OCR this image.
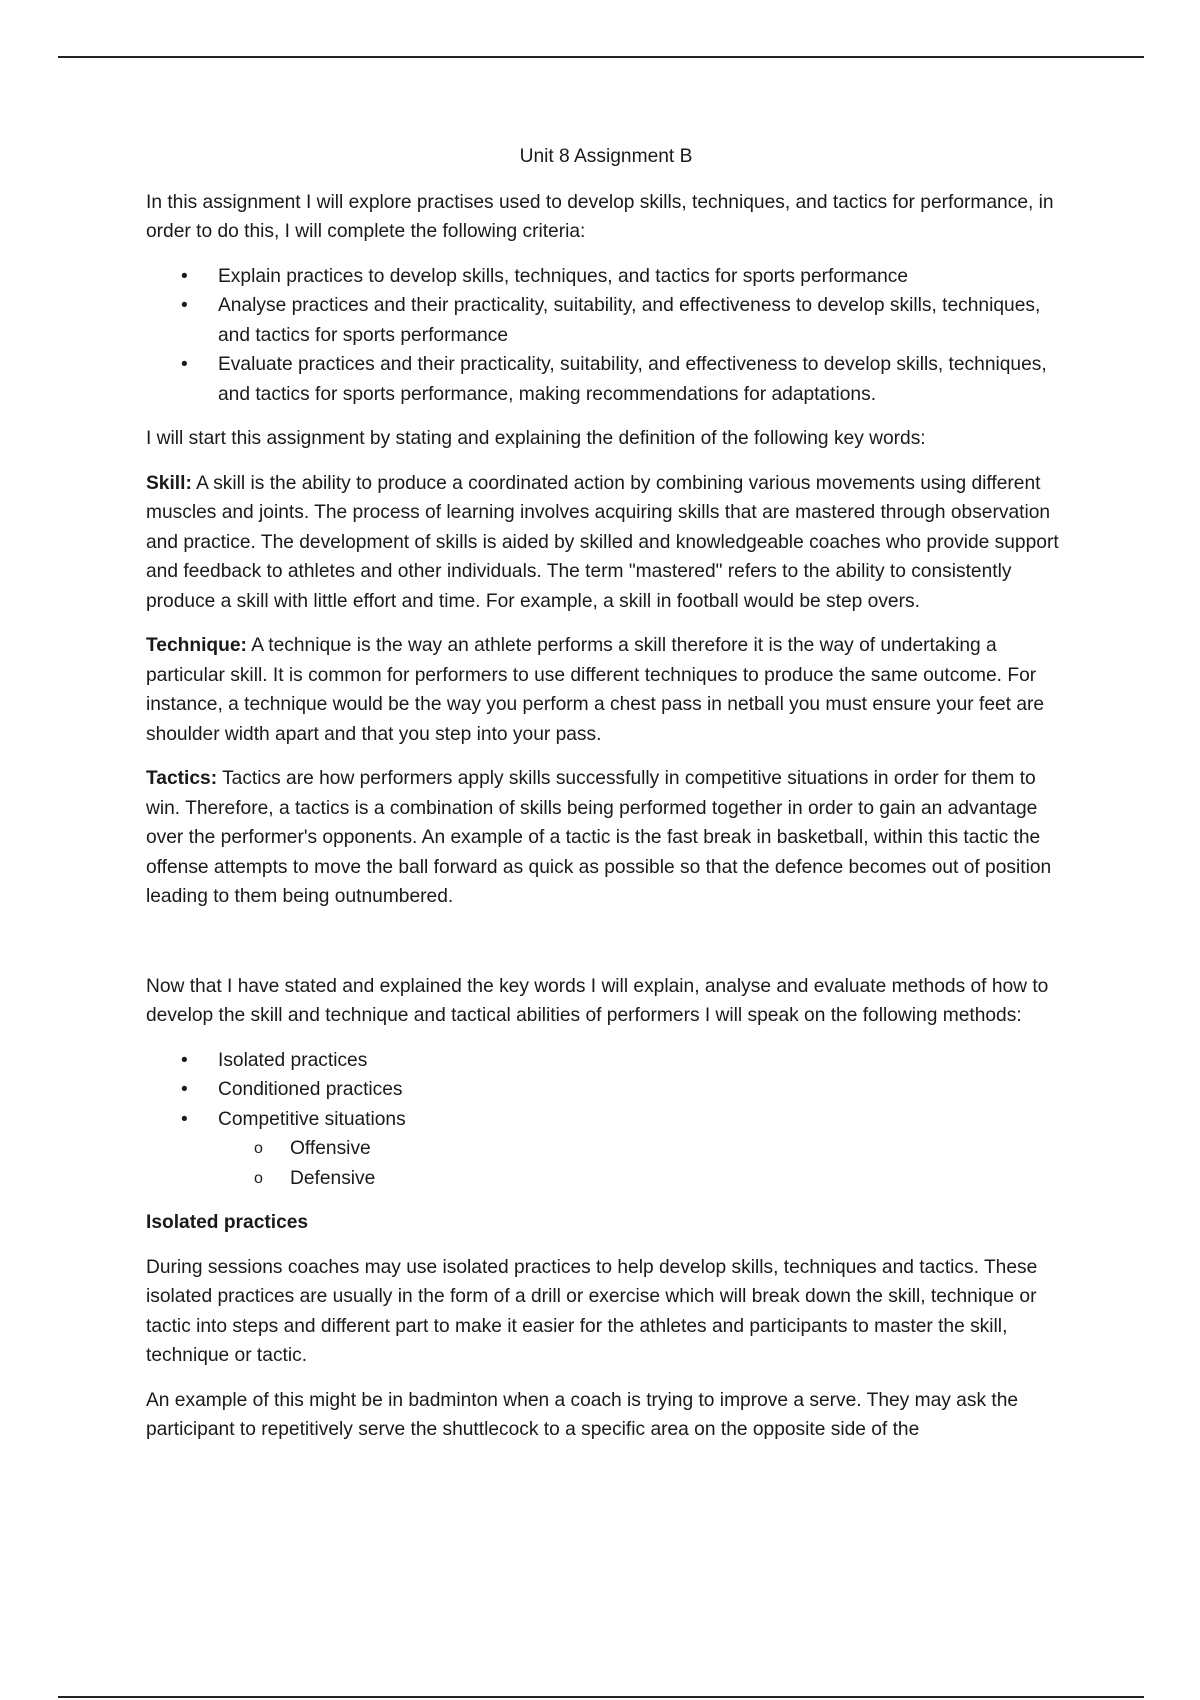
Unit 8 Assignment B

In this assignment I will explore practises used to develop skills, techniques, and tactics for performance, in order to do this, I will complete the following criteria:

• Explain practices to develop skills, techniques, and tactics for sports performance
• Analyse practices and their practicality, suitability, and effectiveness to develop skills, techniques, and tactics for sports performance
• Evaluate practices and their practicality, suitability, and effectiveness to develop skills, techniques, and tactics for sports performance, making recommendations for adaptations.

I will start this assignment by stating and explaining the definition of the following key words:

Skill: A skill is the ability to produce a coordinated action by combining various movements using different muscles and joints. The process of learning involves acquiring skills that are mastered through observation and practice. The development of skills is aided by skilled and knowledgeable coaches who provide support and feedback to athletes and other individuals. The term "mastered" refers to the ability to consistently produce a skill with little effort and time. For example, a skill in football would be step overs.

Technique: A technique is the way an athlete performs a skill therefore it is the way of undertaking a particular skill. It is common for performers to use different techniques to produce the same outcome. For instance, a technique would be the way you perform a chest pass in netball you must ensure your feet are shoulder width apart and that you step into your pass.

Tactics: Tactics are how performers apply skills successfully in competitive situations in order for them to win. Therefore, a tactics is a combination of skills being performed together in order to gain an advantage over the performer's opponents. An example of a tactic is the fast break in basketball, within this tactic the offense attempts to move the ball forward as quick as possible so that the defence becomes out of position leading to them being outnumbered.

Now that I have stated and explained the key words I will explain, analyse and evaluate methods of how to develop the skill and technique and tactical abilities of performers I will speak on the following methods:

• Isolated practices
• Conditioned practices
• Competitive situations
o Offensive
o Defensive

Isolated practices

During sessions coaches may use isolated practices to help develop skills, techniques and tactics. These isolated practices are usually in the form of a drill or exercise which will break down the skill, technique or tactic into steps and different part to make it easier for the athletes and participants to master the skill, technique or tactic.

An example of this might be in badminton when a coach is trying to improve a serve. They may ask the participant to repetitively serve the shuttlecock to a specific area on the opposite side of the
